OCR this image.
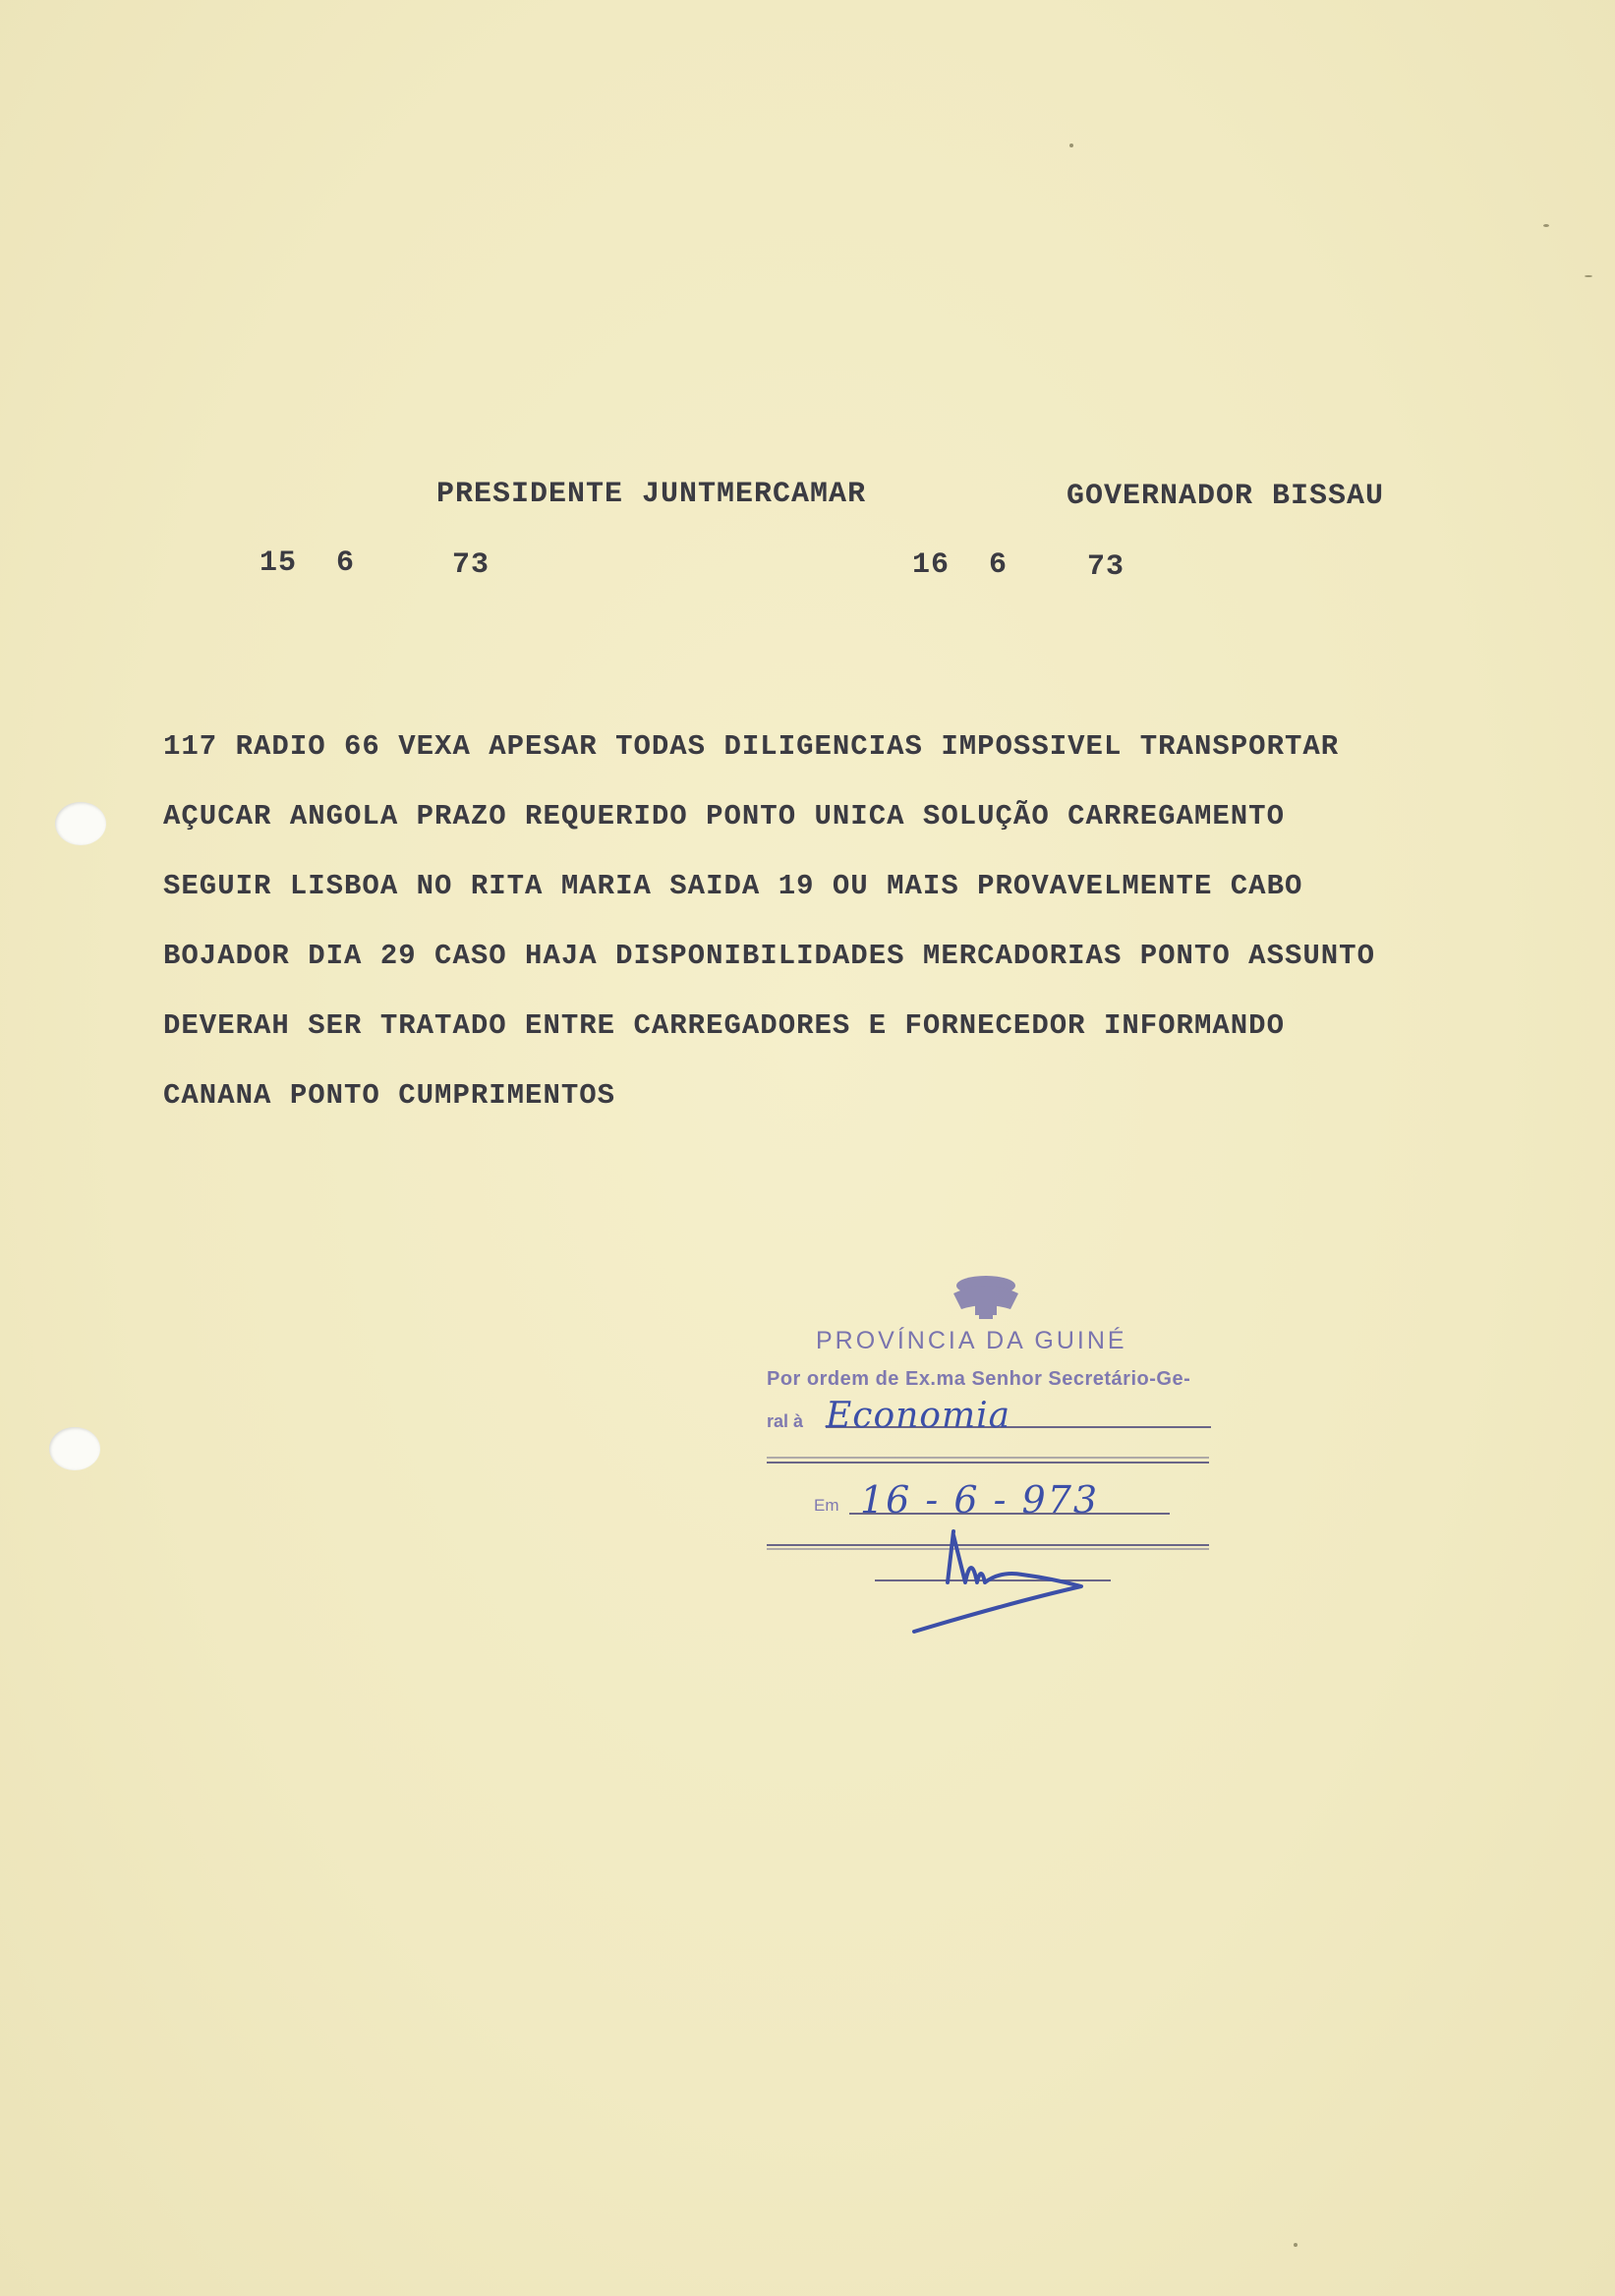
PRESIDENTE JUNTMERCAMAR	GOVERNADOR BISSAU
15 6	73	16 6	73
117 RADIO 66 VEXA APESAR TODAS DILIGENCIAS IMPOSSIVEL TRANSPORTAR
AÇUCAR ANGOLA PRAZO REQUERIDO PONTO UNICA SOLUÇÃO CARREGAMENTO
SEGUIR LISBOA NO RITA MARIA SAIDA 19 OU MAIS PROVAVELMENTE CABO
BOJADOR DIA 29 CASO HAJA DISPONIBILIDADES MERCADORIAS PONTO ASSUNTO
DEVERAH SER TRATADO ENTRE CARREGADORES E FORNECEDOR INFORMANDO
CANANA PONTO CUMPRIMENTOS
PROVÍNCIA DA GUINÉ
Por ordem de Ex.ma Senhor Secretário-Ge-
ral à Economia
Em 16 - 6 - 973
